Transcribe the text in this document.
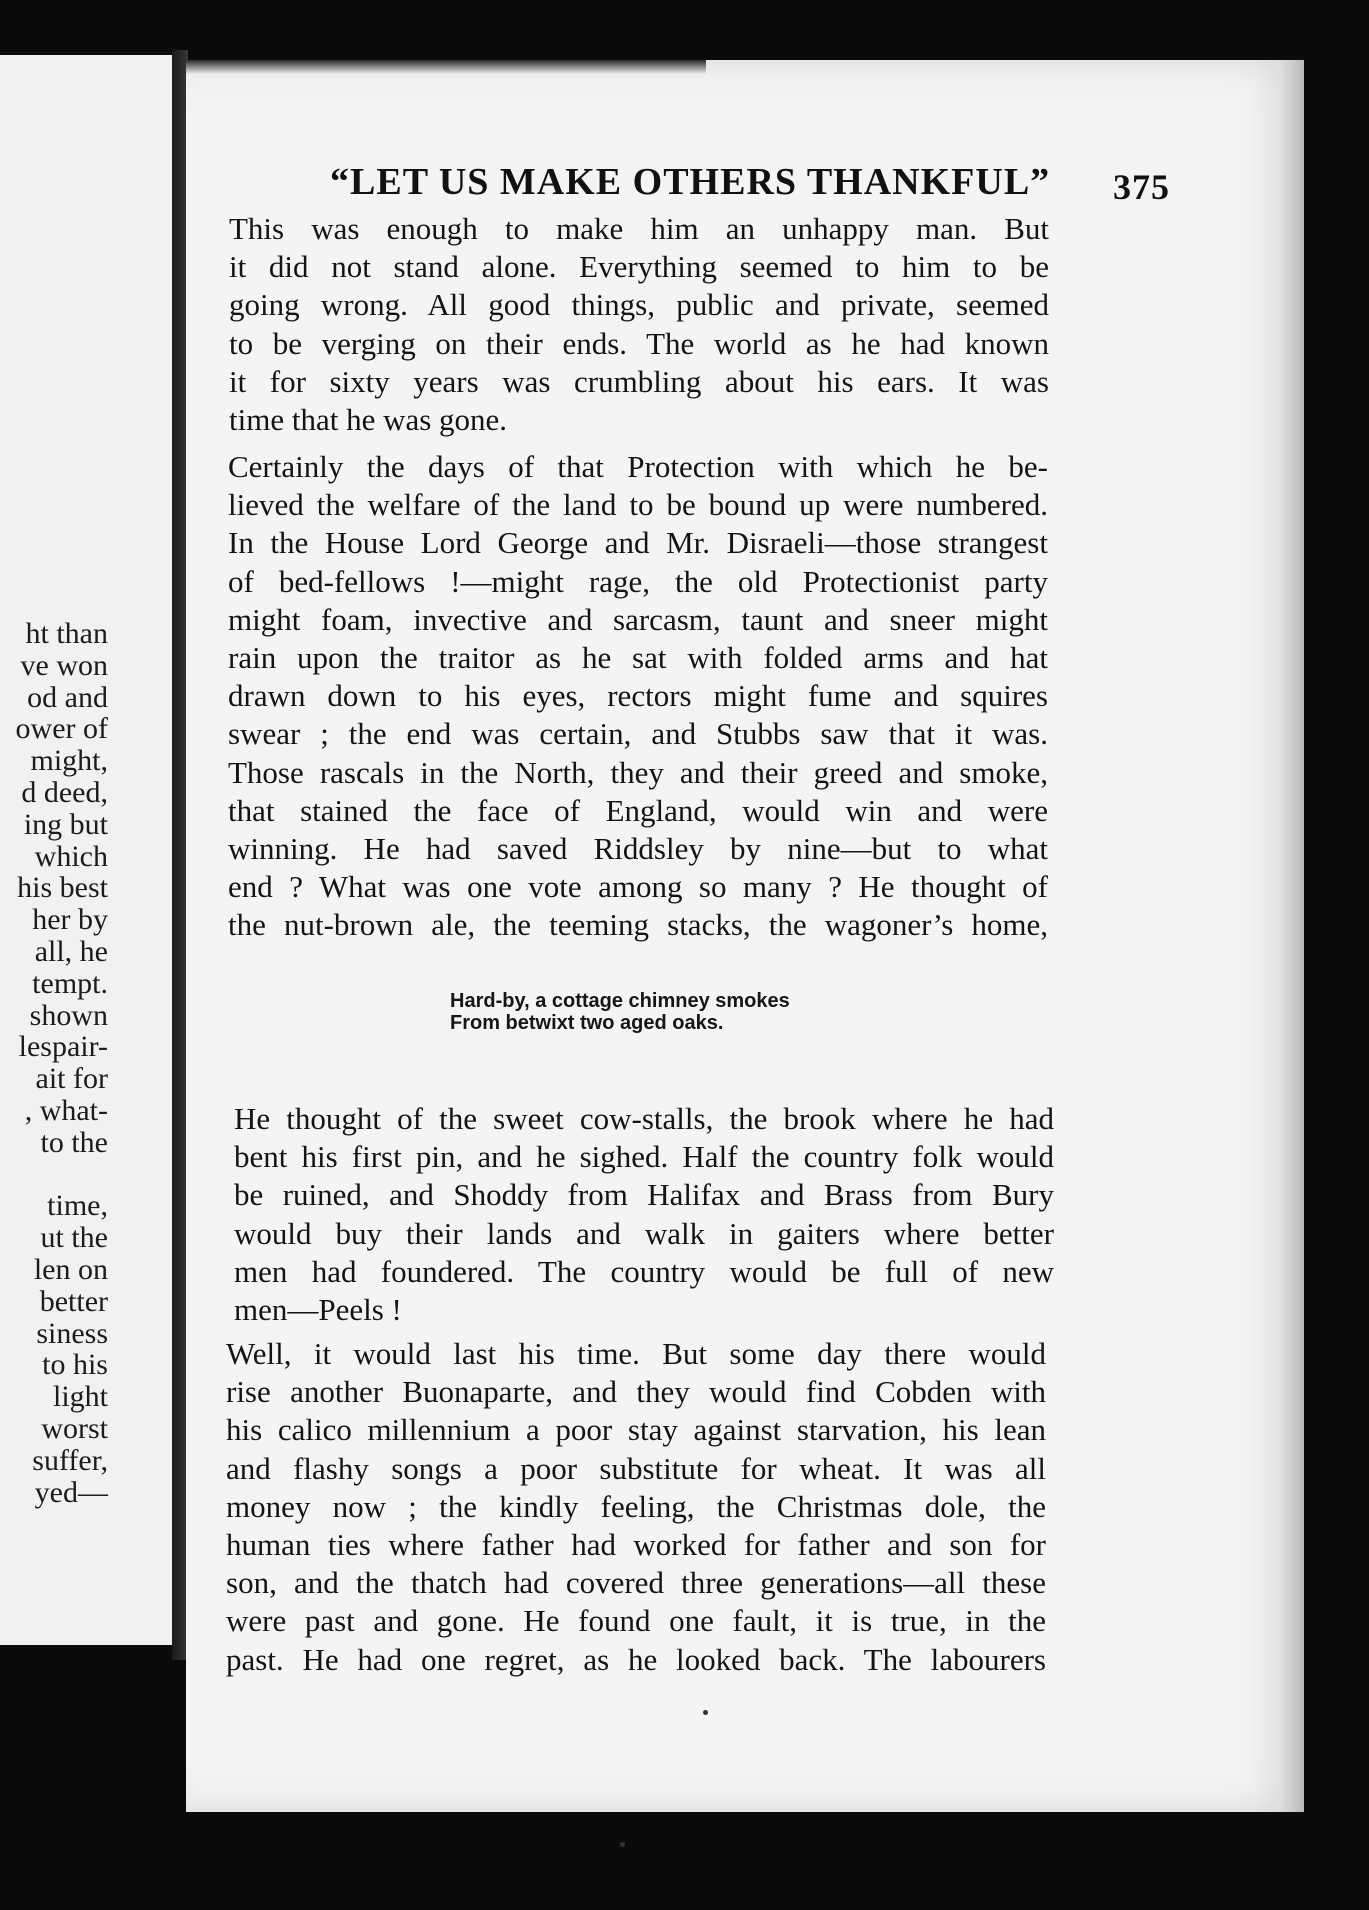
ht than
ve won
od and
ower of
might,
d deed,
ing but
which
his best
her by
all, he
tempt.
shown
lespair-
ait for
, what-
to the
time,
ut the
len on
better
siness
to his
light
worst
suffer,
yed—
“LET US MAKE OTHERS THANKFUL” 375
This was enough to make him an unhappy man. But
it did not stand alone. Everything seemed to him to be
going wrong. All good things, public and private, seemed
to be verging on their ends. The world as he had known
it for sixty years was crumbling about his ears. It was
time that he was gone.
Certainly the days of that Protection with which he be-
lieved the welfare of the land to be bound up were numbered.
In the House Lord George and Mr. Disraeli—those strangest
of bed-fellows !—might rage, the old Protectionist party
might foam, invective and sarcasm, taunt and sneer might
rain upon the traitor as he sat with folded arms and hat
drawn down to his eyes, rectors might fume and squires
swear ; the end was certain, and Stubbs saw that it was.
Those rascals in the North, they and their greed and smoke,
that stained the face of England, would win and were
winning. He had saved Riddsley by nine—but to what
end ? What was one vote among so many ? He thought of
the nut-brown ale, the teeming stacks, the wagoner’s home,
Hard-by, a cottage chimney smokes
From betwixt two aged oaks.
He thought of the sweet cow-stalls, the brook where he had
bent his first pin, and he sighed. Half the country folk would
be ruined, and Shoddy from Halifax and Brass from Bury
would buy their lands and walk in gaiters where better
men had foundered. The country would be full of new
men—Peels !
Well, it would last his time. But some day there would
rise another Buonaparte, and they would find Cobden with
his calico millennium a poor stay against starvation, his lean
and flashy songs a poor substitute for wheat. It was all
money now ; the kindly feeling, the Christmas dole, the
human ties where father had worked for father and son for
son, and the thatch had covered three generations—all these
were past and gone. He found one fault, it is true, in the
past. He had one regret, as he looked back. The labourers
